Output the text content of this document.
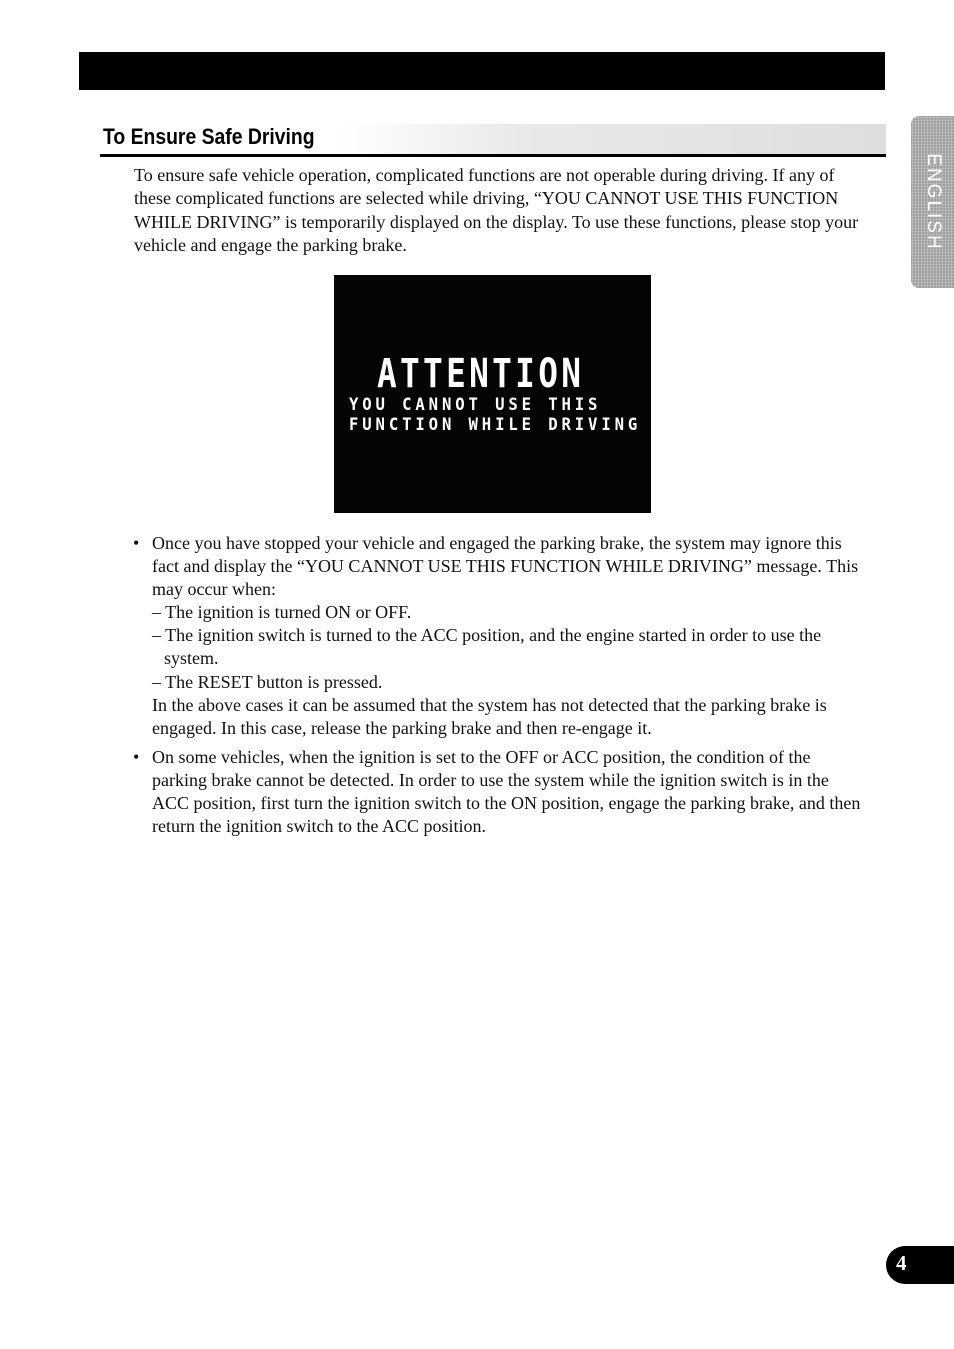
To Ensure Safe Driving
ENGLISH

To ensure safe vehicle operation, complicated functions are not operable during driving. If any of these complicated functions are selected while driving, “YOU CANNOT USE THIS FUNCTION WHILE DRIVING” is temporarily displayed on the display. To use these functions, please stop your vehicle and engage the parking brake.

ATTENTION
YOU CANNOT USE THIS
FUNCTION WHILE DRIVING
• Once you have stopped your vehicle and engaged the parking brake, the system may ignore this fact and display the “YOU CANNOT USE THIS FUNCTION WHILE DRIVING” message. This may occur when:
– The ignition is turned ON or OFF.
– The ignition switch is turned to the ACC position, and the engine started in order to use the system.
– The RESET button is pressed.
In the above cases it can be assumed that the system has not detected that the parking brake is engaged. In this case, release the parking brake and then re-engage it.
• On some vehicles, when the ignition is set to the OFF or ACC position, the condition of the parking brake cannot be detected. In order to use the system while the ignition switch is in the ACC position, first turn the ignition switch to the ON position, engage the parking brake, and then return the ignition switch to the ACC position.
4
